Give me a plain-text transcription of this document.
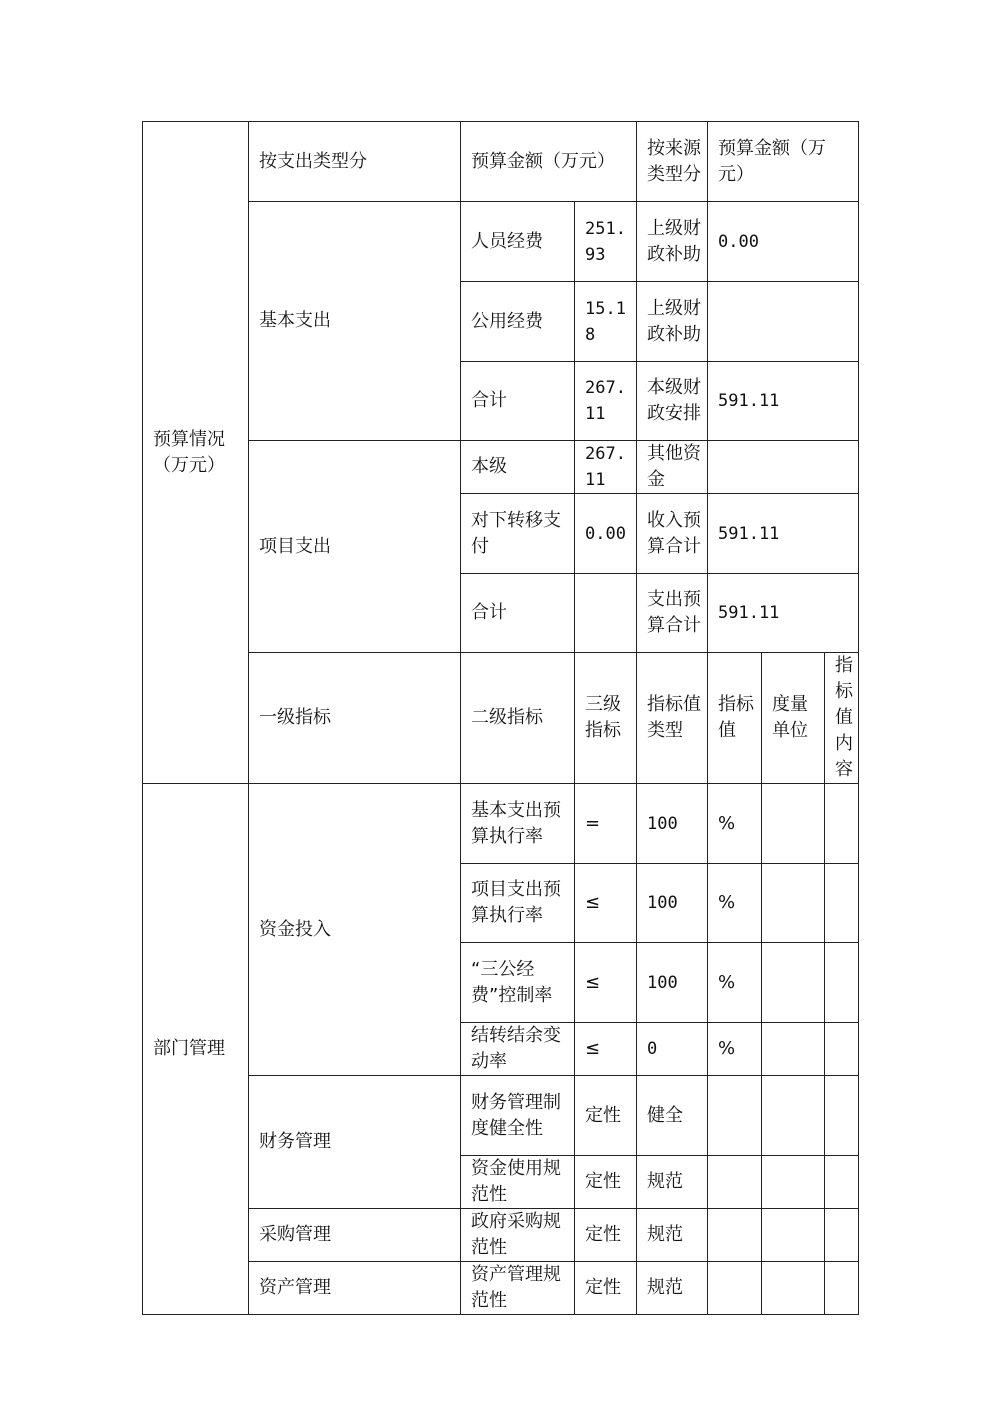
预算情况（万元）	按支出类型分	预算金额（万元）		按来源类型分	预算金额（万元）			
	基本支出	人员经费	251.93	上级财政补助	0.00			
		公用经费	15.18	上级财政补助				
		合计	267.11	本级财政安排	591.11			
	项目支出	本级	267.11	其他资金				
		对下转移支付	0.00	收入预算合计	591.11			
		合计		支出预算合计	591.11			
	一级指标	二级指标	三级指标	指标值类型	指标值	度量单位	指标值内容	
部门管理	资金投入	基本支出预算执行率	=	100	%			
		项目支出预算执行率	≤	100	%			
		“三公经费”控制率	≤	100	%			
		结转结余变动率	≤	0	%			
	财务管理	财务管理制度健全性	定性	健全				
		资金使用规范性	定性	规范				
	采购管理	政府采购规范性	定性	规范				
	资产管理	资产管理规范性	定性	规范				
